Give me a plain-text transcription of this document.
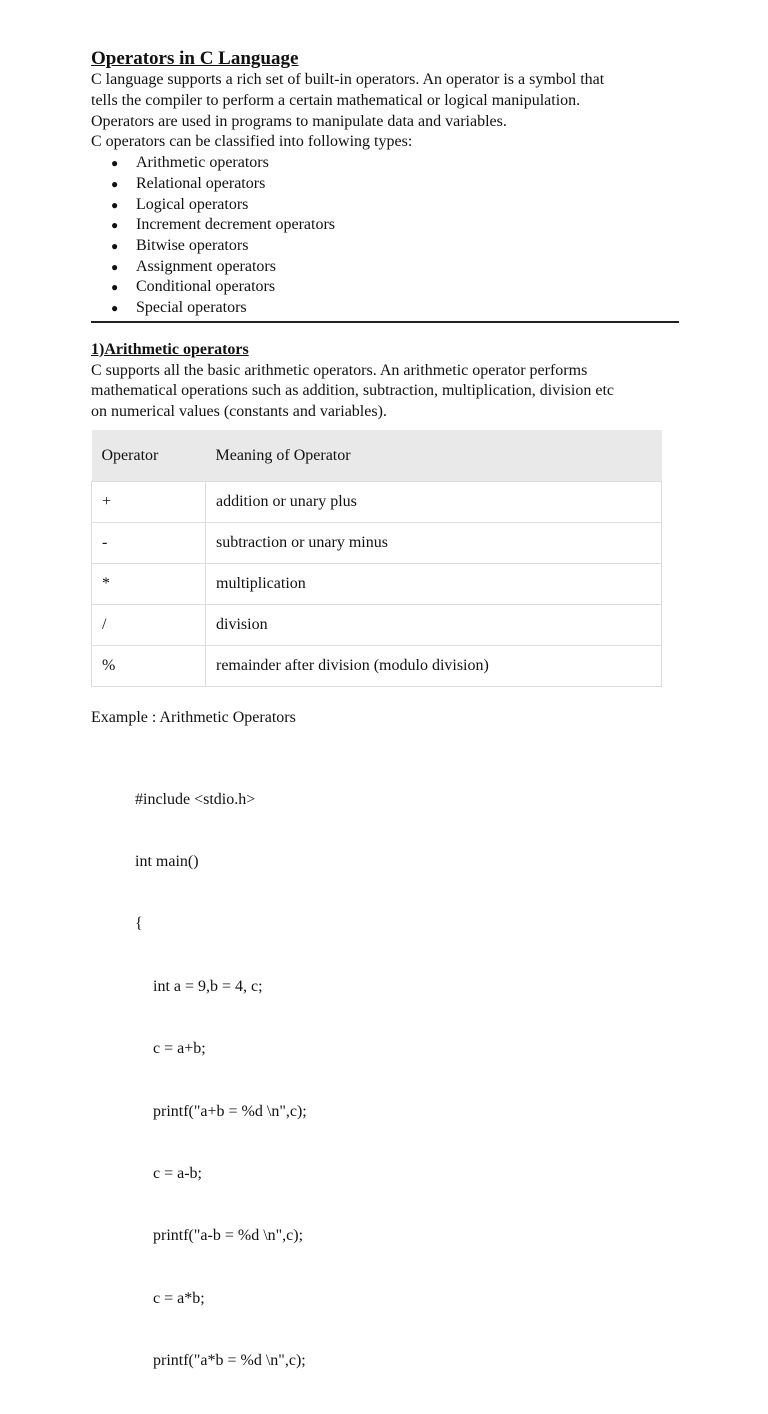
Operators in C Language

C language supports a rich set of built-in operators. An operator is a symbol that

tells the compiler to perform a certain mathematical or logical manipulation.

Operators are used in programs to manipulate data and variables.

C operators can be classified into following types:

● Arithmetic operators
● Relational operators
● Logical operators
● Increment decrement operators
● Bitwise operators
● Assignment operators
● Conditional operators
● Special operators

1)Arithmetic operators

C supports all the basic arithmetic operators. An arithmetic operator performs

mathematical operations such as addition, subtraction, multiplication, division etc

on numerical values (constants and variables).

Operator	Meaning of Operator
+	addition or unary plus
-	subtraction or unary minus
*	multiplication
/	division
%	remainder after division (modulo division)

Example : Arithmetic Operators

#include <stdio.h>

int main()

{

int a = 9,b = 4, c;

c = a+b;

printf("a+b = %d \n",c);

c = a-b;

printf("a-b = %d \n",c);

c = a*b;

printf("a*b = %d \n",c);
